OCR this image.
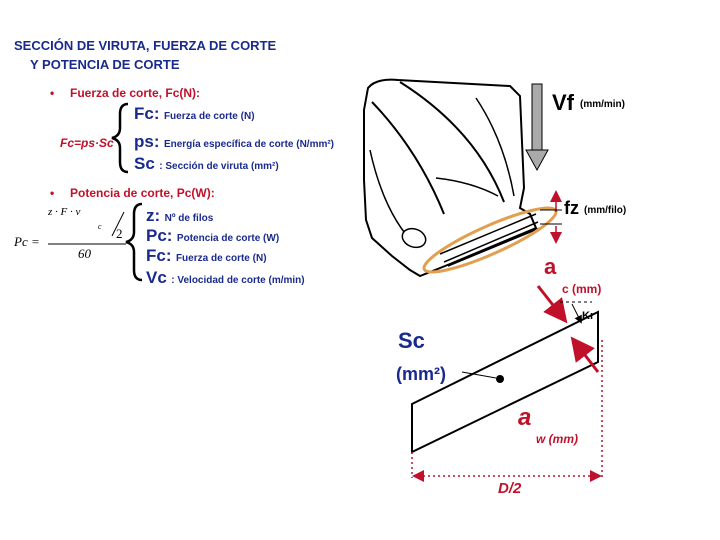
SECCIÓN DE VIRUTA, FUERZA DE CORTE
Y POTENCIA DE CORTE
• Fuerza de corte, Fc(N):
Fc=ps·Sc
Fc: Fuerza de corte (N)
ps: Energía específica de corte (N/mm²)
Sc : Sección de viruta (mm²)
• Potencia de corte, Pc(W):
Pc =
z · F · v
c
60
2
z: Nº de filos
Pc: Potencia de corte (W)
Fc: Fuerza de corte (N)
Vc : Velocidad de corte (m/min)
Vf (mm/min)
fz (mm/filo)
a
c (mm)
Kr
Sc
(mm²)
a
w (mm)
D/2
